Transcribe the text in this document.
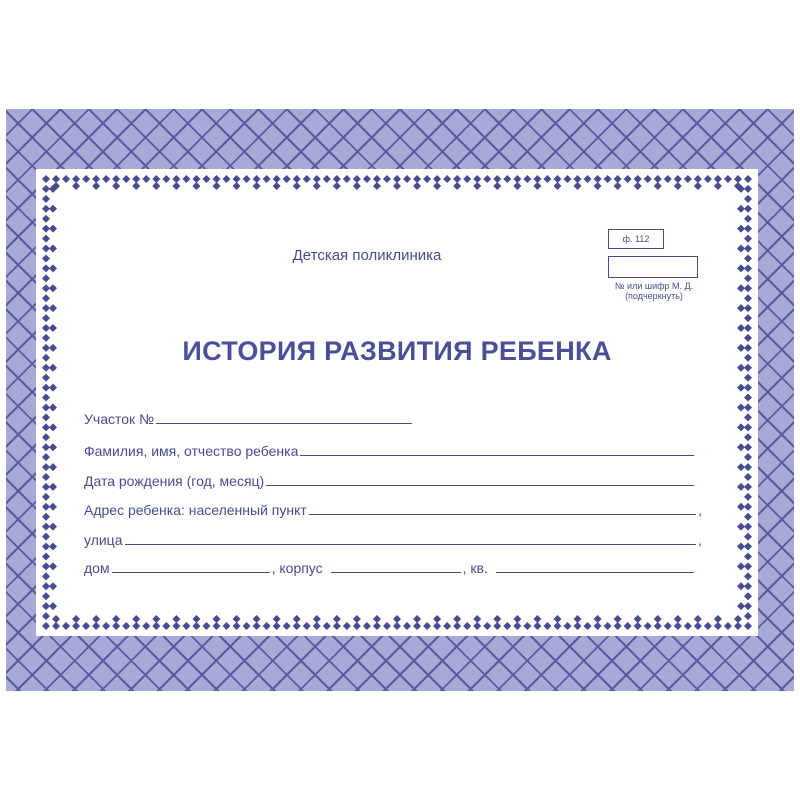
Детская поликлиника
ф. 112
№ или шифр М. Д. (подчеркнуть)
ИСТОРИЯ РАЗВИТИЯ РЕБЕНКА
Участок №
Фамилия, имя, отчество ребенка
Дата рождения (год, месяц)
Адрес ребенка: населенный пункт	,
улица	,
дом	, корпус	, кв.
